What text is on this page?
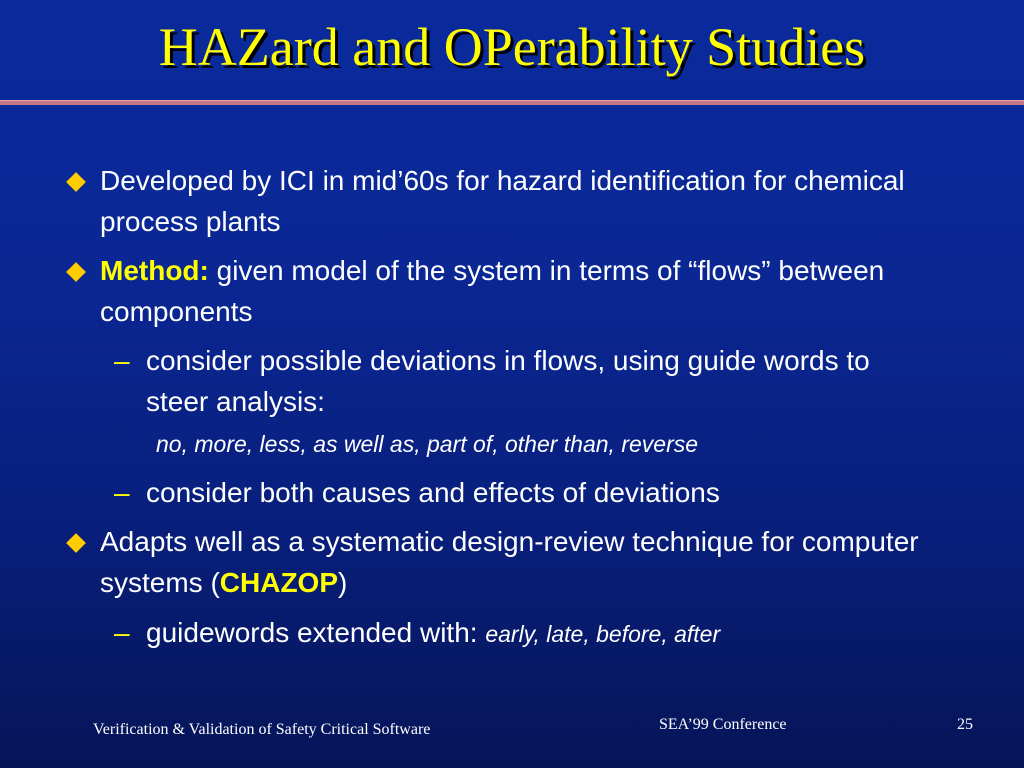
HAZard and OPerability Studies
Developed by ICI in mid’60s for hazard identification for chemical process plants
Method: given model of the system in terms of “flows” between components
– consider possible deviations in flows, using guide words to steer analysis:
no, more, less, as well as, part of, other than, reverse
– consider both causes and effects of deviations
Adapts well as a systematic design-review technique for computer systems (CHAZOP)
– guidewords extended with: early, late, before, after
Verification & Validation of Safety Critical Software	SEA’99 Conference	25
